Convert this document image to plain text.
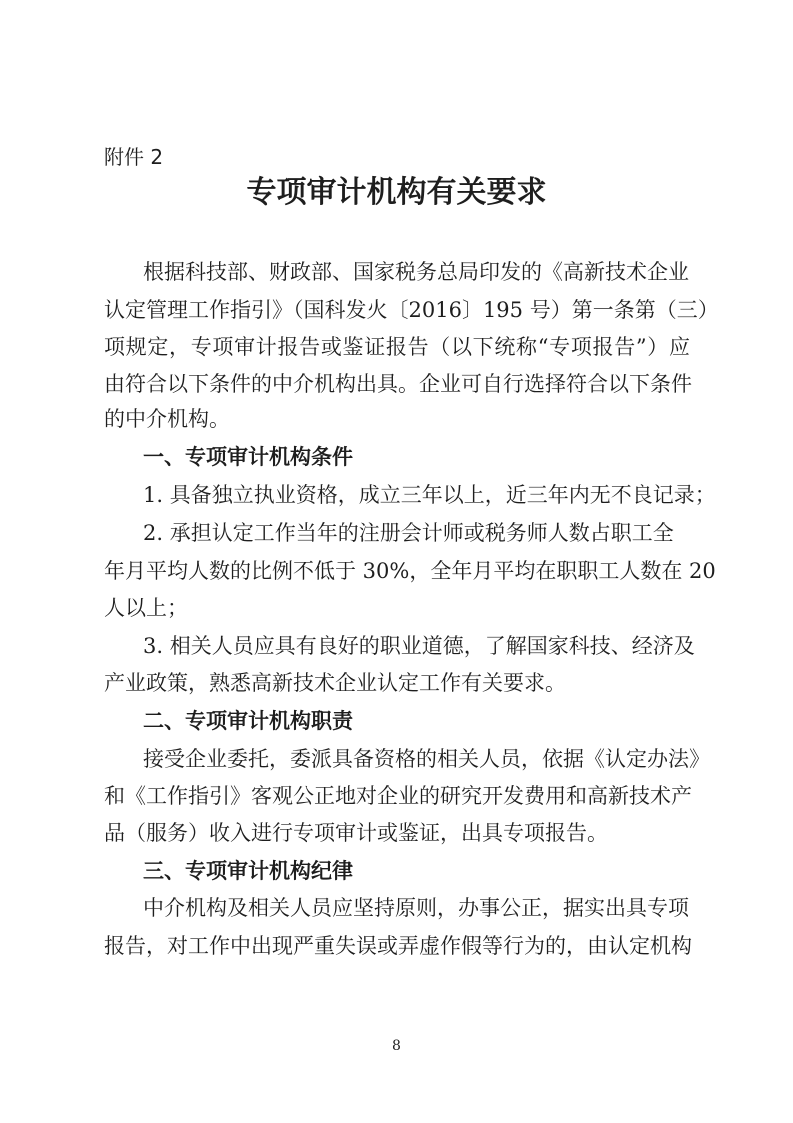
附件 2
专项审计机构有关要求
根据科技部、财政部、国家税务总局印发的《高新技术企业
认定管理工作指引》（国科发火〔2016〕195 号）第一条第（三）
项规定，专项审计报告或鉴证报告（以下统称“专项报告”）应
由符合以下条件的中介机构出具。企业可自行选择符合以下条件
的中介机构。
一、专项审计机构条件
1. 具备独立执业资格，成立三年以上，近三年内无不良记录；
2. 承担认定工作当年的注册会计师或税务师人数占职工全
年月平均人数的比例不低于 30%，全年月平均在职职工人数在 20
人以上；
3. 相关人员应具有良好的职业道德，了解国家科技、经济及
产业政策，熟悉高新技术企业认定工作有关要求。
二、专项审计机构职责
接受企业委托，委派具备资格的相关人员，依据《认定办法》
和《工作指引》客观公正地对企业的研究开发费用和高新技术产
品（服务）收入进行专项审计或鉴证，出具专项报告。
三、专项审计机构纪律
中介机构及相关人员应坚持原则，办事公正，据实出具专项
报告，对工作中出现严重失误或弄虚作假等行为的，由认定机构
8
